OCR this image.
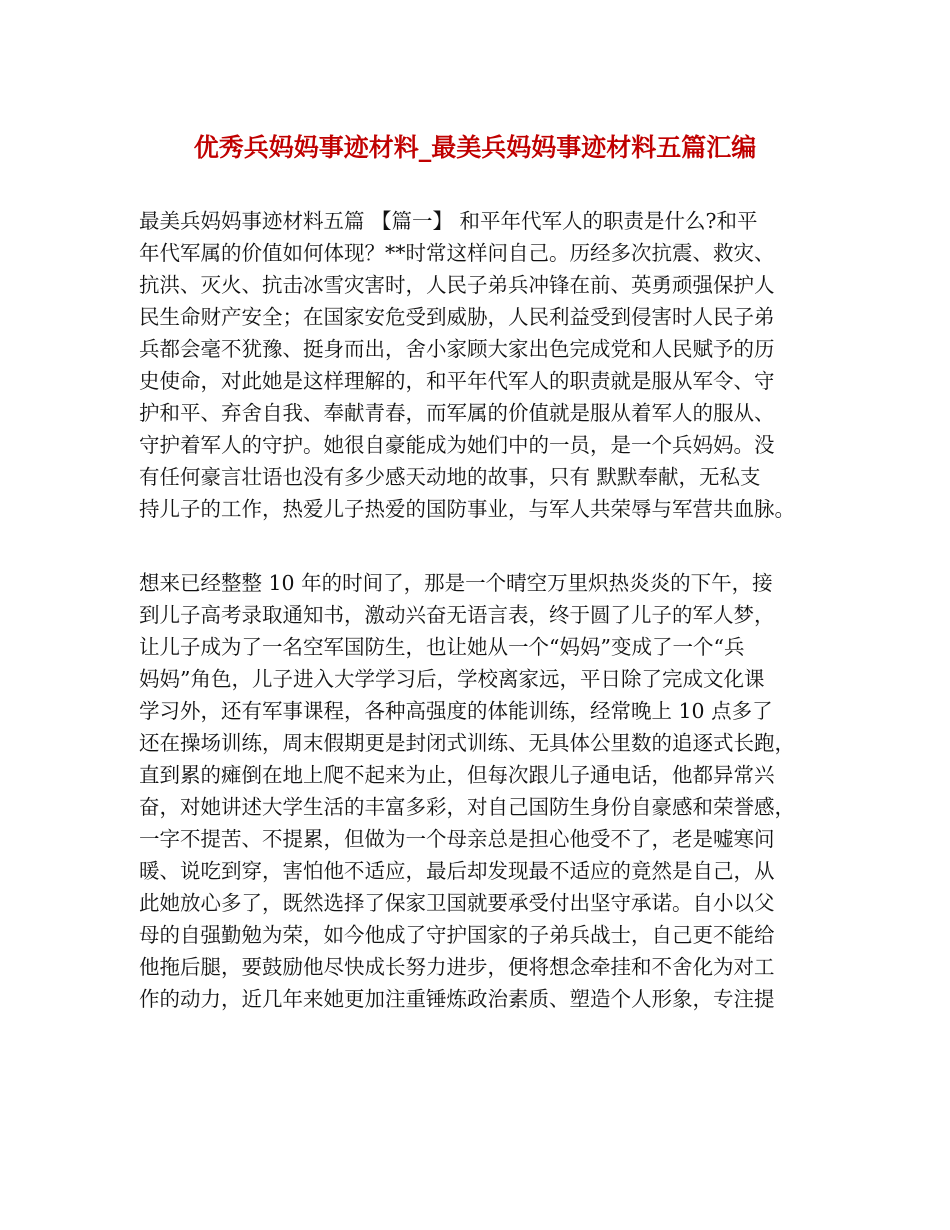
优秀兵妈妈事迹材料_最美兵妈妈事迹材料五篇汇编
最美兵妈妈事迹材料五篇 【篇一】 和平年代军人的职责是什么?和平
年代军属的价值如何体现？**时常这样问自己。历经多次抗震、救灾、
抗洪、灭火、抗击冰雪灾害时，人民子弟兵冲锋在前、英勇顽强保护人
民生命财产安全；在国家安危受到威胁，人民利益受到侵害时人民子弟
兵都会毫不犹豫、挺身而出，舍小家顾大家出色完成党和人民赋予的历
史使命，对此她是这样理解的，和平年代军人的职责就是服从军令、守
护和平、弃舍自我、奉献青春，而军属的价值就是服从着军人的服从、
守护着军人的守护。她很自豪能成为她们中的一员，是一个兵妈妈。没
有任何豪言壮语也没有多少感天动地的故事，只有 默默奉献，无私支
持儿子的工作，热爱儿子热爱的国防事业，与军人共荣辱与军营共血脉。
想来已经整整 10 年的时间了，那是一个晴空万里炽热炎炎的下午，接
到儿子高考录取通知书，激动兴奋无语言表，终于圆了儿子的军人梦，
让儿子成为了一名空军国防生，也让她从一个“妈妈”变成了一个“兵
妈妈”角色，儿子进入大学学习后，学校离家远，平日除了完成文化课
学习外，还有军事课程，各种高强度的体能训练，经常晚上 10 点多了
还在操场训练，周末假期更是封闭式训练、无具体公里数的追逐式长跑，
直到累的瘫倒在地上爬不起来为止，但每次跟儿子通电话，他都异常兴
奋，对她讲述大学生活的丰富多彩，对自己国防生身份自豪感和荣誉感，
一字不提苦、不提累，但做为一个母亲总是担心他受不了，老是嘘寒问
暖、说吃到穿，害怕他不适应，最后却发现最不适应的竟然是自己，从
此她放心多了，既然选择了保家卫国就要承受付出坚守承诺。自小以父
母的自强勤勉为荣，如今他成了守护国家的子弟兵战士，自己更不能给
他拖后腿，要鼓励他尽快成长努力进步，便将想念牵挂和不舍化为对工
作的动力，近几年来她更加注重锤炼政治素质、塑造个人形象，专注提
